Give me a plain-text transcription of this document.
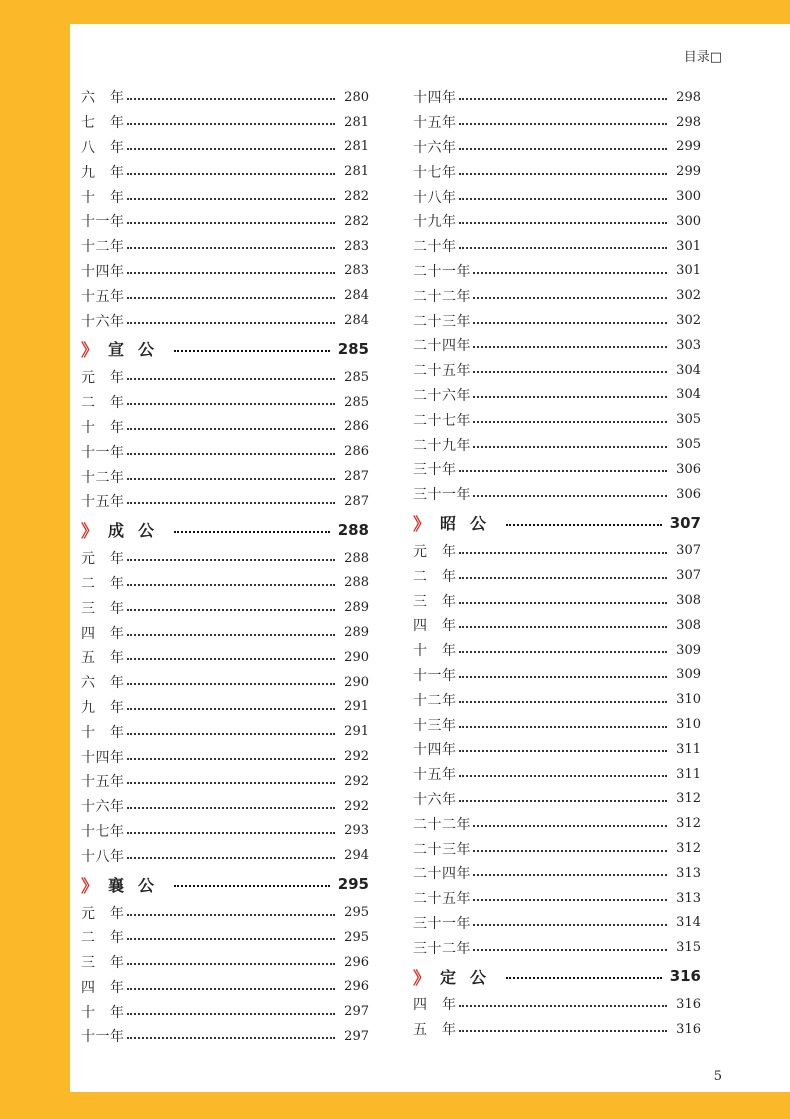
目录□
六　年	280
七　年	281
八　年	281
九　年	281
十　年	282
十一年	282
十二年	283
十四年	283
十五年	284
十六年	284
》 宣公	285
元　年	285
二　年	285
十　年	286
十一年	286
十二年	287
十五年	287
》 成公	288
元　年	288
二　年	288
三　年	289
四　年	289
五　年	290
六　年	290
九　年	291
十　年	291
十四年	292
十五年	292
十六年	292
十七年	293
十八年	294
》 襄公	295
元　年	295
二　年	295
三　年	296
四　年	296
十　年	297
十一年	297
十四年	298
十五年	298
十六年	299
十七年	299
十八年	300
十九年	300
二十年	301
二十一年	301
二十二年	302
二十三年	302
二十四年	303
二十五年	304
二十六年	304
二十七年	305
二十九年	305
三十年	306
三十一年	306
》 昭公	307
元　年	307
二　年	307
三　年	308
四　年	308
十　年	309
十一年	309
十二年	310
十三年	310
十四年	311
十五年	311
十六年	312
二十二年	312
二十三年	312
二十四年	313
二十五年	313
三十一年	314
三十二年	315
》 定公	316
四　年	316
五　年	316
5
